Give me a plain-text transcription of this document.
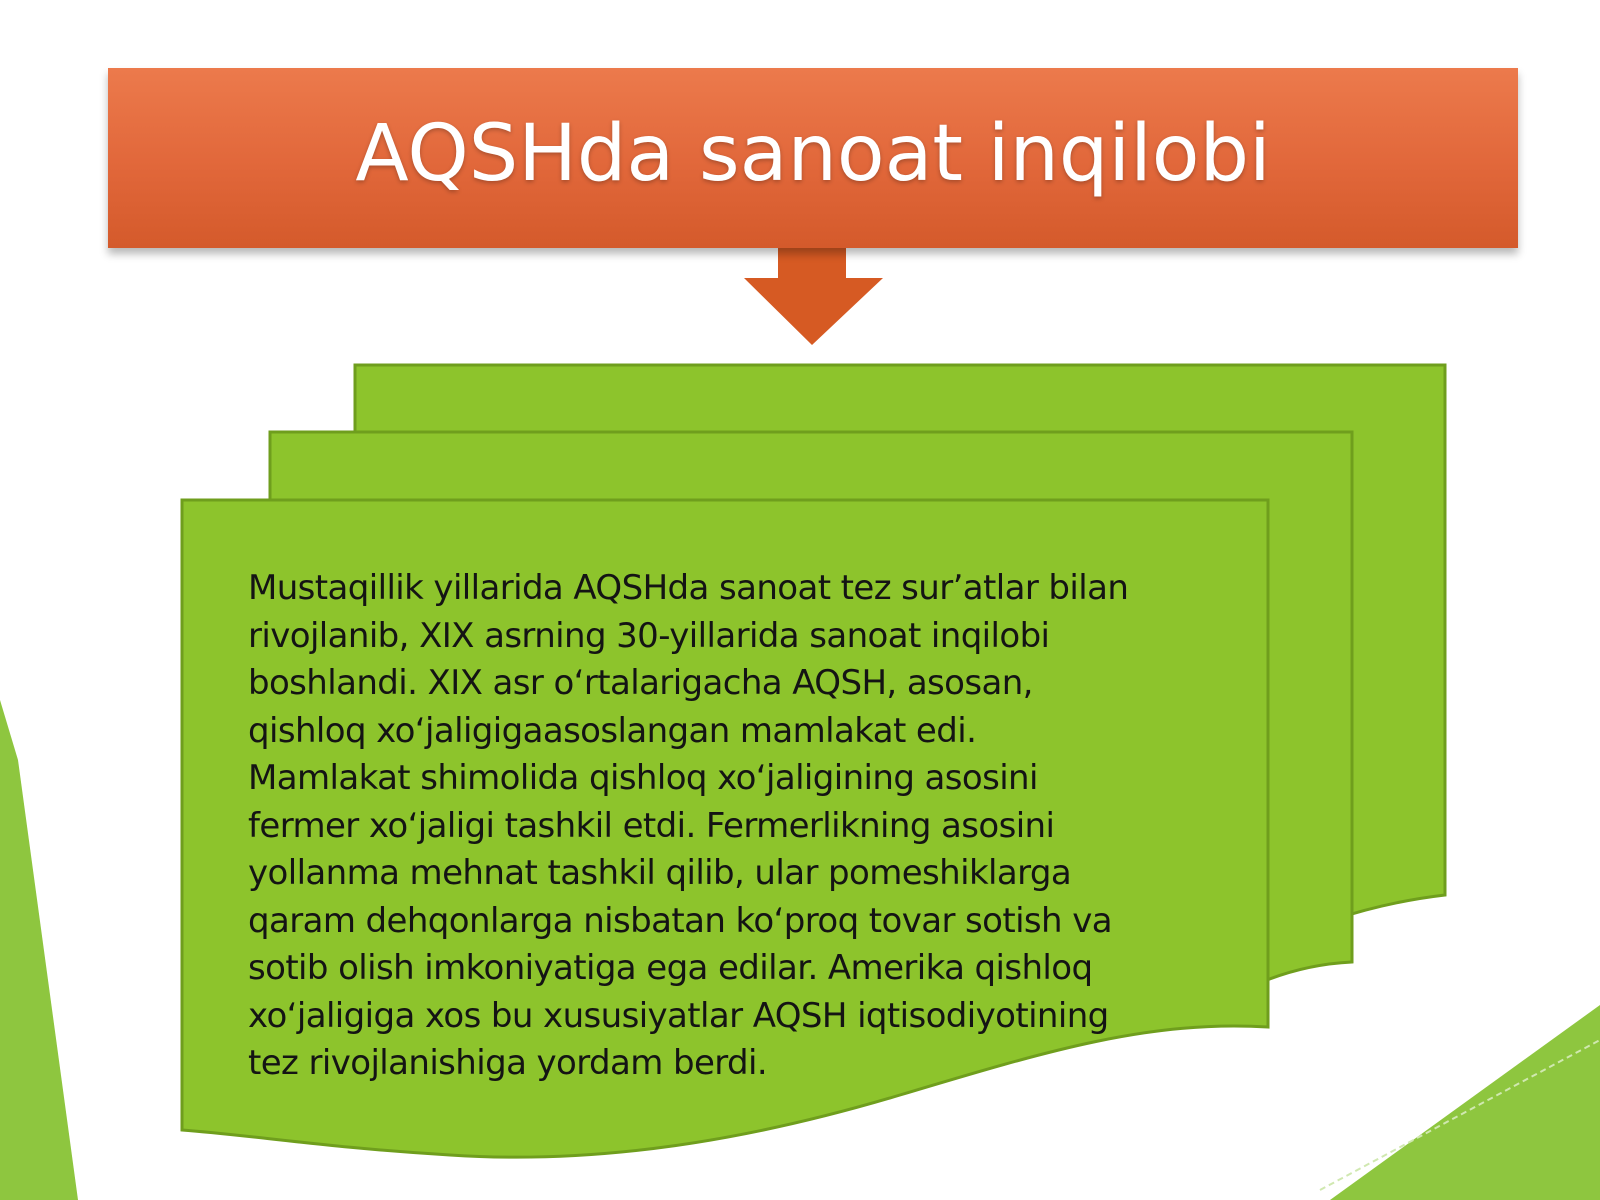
AQSHda sanoat inqilobi
Mustaqillik yillarida AQSHda sanoat tez sur’atlar bilan
rivojlanib, XIX asrning 30-yillarida sanoat inqilobi
boshlandi. XIX asr o‘rtalarigacha AQSH, asosan,
qishloq xo‘jaligigaasoslangan mamlakat edi.
Mamlakat shimolida qishloq xo‘jaligining asosini
fermer xo‘jaligi tashkil etdi. Fermerlikning asosini
yollanma mehnat tashkil qilib, ular pomeshiklarga
qaram dehqonlarga nisbatan ko‘proq tovar sotish va
sotib olish imkoniyatiga ega edilar. Amerika qishloq
xo‘jaligiga xos bu xususiyatlar AQSH iqtisodiyotining
tez rivojlanishiga yordam berdi.
